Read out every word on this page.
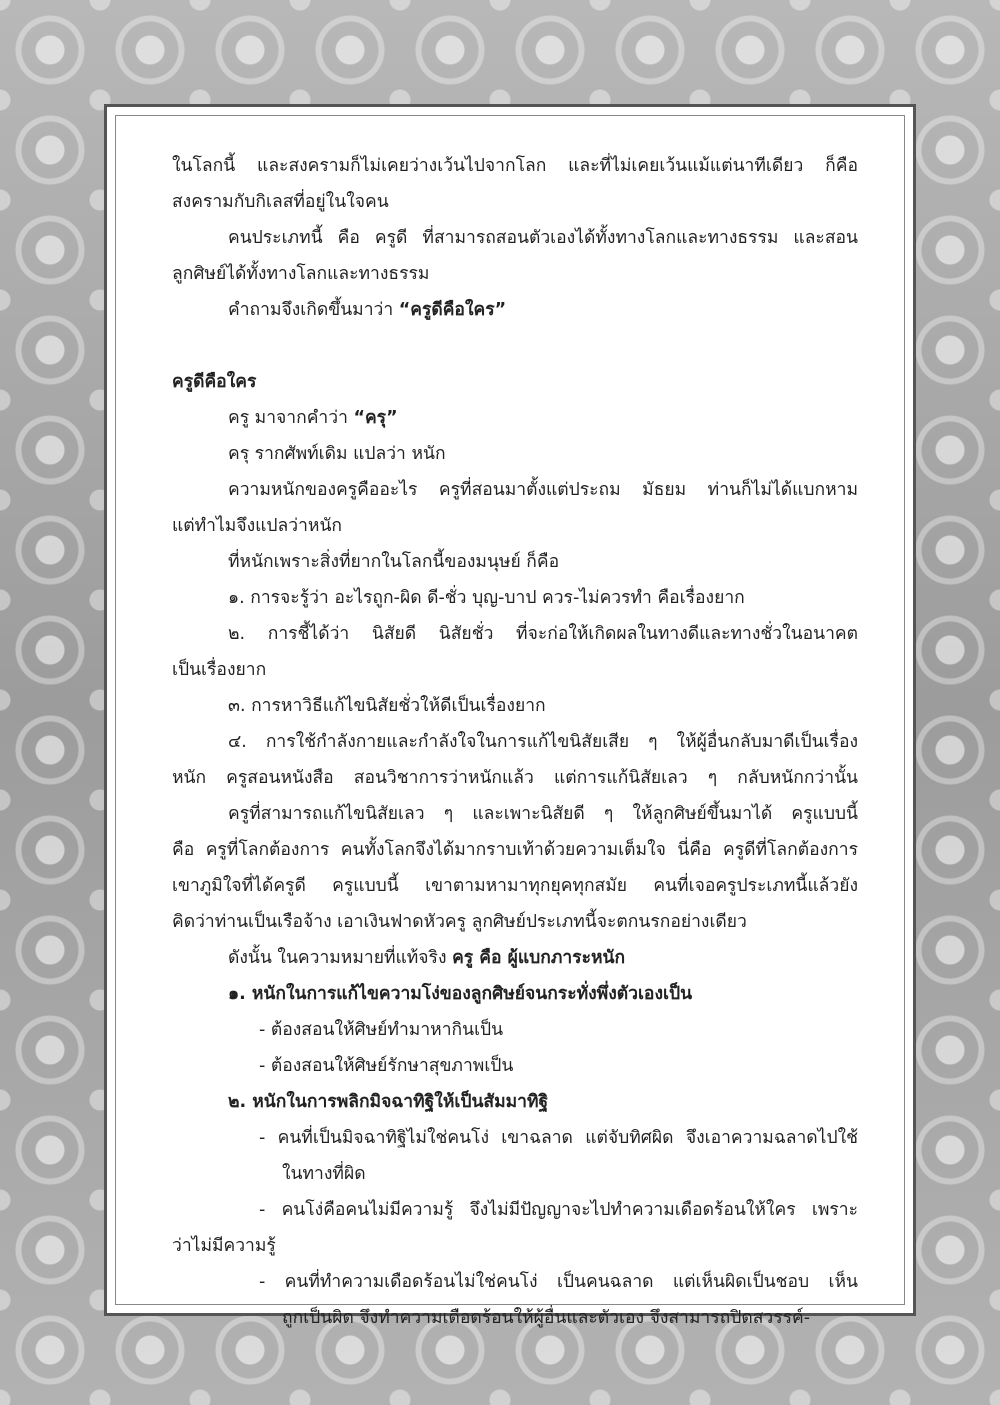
ในโลกนี้ และสงครามก็ไม่เคยว่างเว้นไปจากโลก และที่ไม่เคยเว้นแม้แต่นาทีเดียว ก็คือ
สงครามกับกิเลสที่อยู่ในใจคน
คนประเภทนี้ คือ ครูดี ที่สามารถสอนตัวเองได้ทั้งทางโลกและทางธรรม และสอน
ลูกศิษย์ได้ทั้งทางโลกและทางธรรม
คำถามจึงเกิดขึ้นมาว่า “ครูดีคือใคร”
ครูดีคือใคร
ครู มาจากคำว่า “ครุ”
ครุ รากศัพท์เดิม แปลว่า หนัก
ความหนักของครูคืออะไร ครูที่สอนมาตั้งแต่ประถม มัธยม ท่านก็ไม่ได้แบกหาม
แต่ทำไมจึงแปลว่าหนัก
ที่หนักเพราะสิ่งที่ยากในโลกนี้ของมนุษย์ ก็คือ
๑. การจะรู้ว่า อะไรถูก-ผิด ดี-ชั่ว บุญ-บาป ควร-ไม่ควรทำ คือเรื่องยาก
๒. การชี้ได้ว่า นิสัยดี นิสัยชั่ว ที่จะก่อให้เกิดผลในทางดีและทางชั่วในอนาคต
เป็นเรื่องยาก
๓. การหาวิธีแก้ไขนิสัยชั่วให้ดีเป็นเรื่องยาก
๔. การใช้กำลังกายและกำลังใจในการแก้ไขนิสัยเสีย ๆ ให้ผู้อื่นกลับมาดีเป็นเรื่อง
หนัก ครูสอนหนังสือ สอนวิชาการว่าหนักแล้ว แต่การแก้นิสัยเลว ๆ กลับหนักกว่านั้น
ครูที่สามารถแก้ไขนิสัยเลว ๆ และเพาะนิสัยดี ๆ ให้ลูกศิษย์ขึ้นมาได้ ครูแบบนี้
คือ ครูที่โลกต้องการ คนทั้งโลกจึงได้มากราบเท้าด้วยความเต็มใจ นี่คือ ครูดีที่โลกต้องการ
เขาภูมิใจที่ได้ครูดี ครูแบบนี้ เขาตามหามาทุกยุคทุกสมัย คนที่เจอครูประเภทนี้แล้วยัง
คิดว่าท่านเป็นเรือจ้าง เอาเงินฟาดหัวครู ลูกศิษย์ประเภทนี้จะตกนรกอย่างเดียว
ดังนั้น ในความหมายที่แท้จริง ครู คือ ผู้แบกภาระหนัก
๑. หนักในการแก้ไขความโง่ของลูกศิษย์จนกระทั่งพึ่งตัวเองเป็น
- ต้องสอนให้ศิษย์ทำมาหากินเป็น
- ต้องสอนให้ศิษย์รักษาสุขภาพเป็น
๒. หนักในการพลิกมิจฉาทิฐิให้เป็นสัมมาทิฐิ
- คนที่เป็นมิจฉาทิฐิไม่ใช่คนโง่ เขาฉลาด แต่จับทิศผิด จึงเอาความฉลาดไปใช้
ในทางที่ผิด
- คนโง่คือคนไม่มีความรู้ จึงไม่มีปัญญาจะไปทำความเดือดร้อนให้ใคร เพราะ
ว่าไม่มีความรู้
- คนที่ทำความเดือดร้อนไม่ใช่คนโง่ เป็นคนฉลาด แต่เห็นผิดเป็นชอบ เห็น
ถูกเป็นผิด จึงทำความเดือดร้อนให้ผู้อื่นและตัวเอง จึงสามารถปิดสวรรค์-
